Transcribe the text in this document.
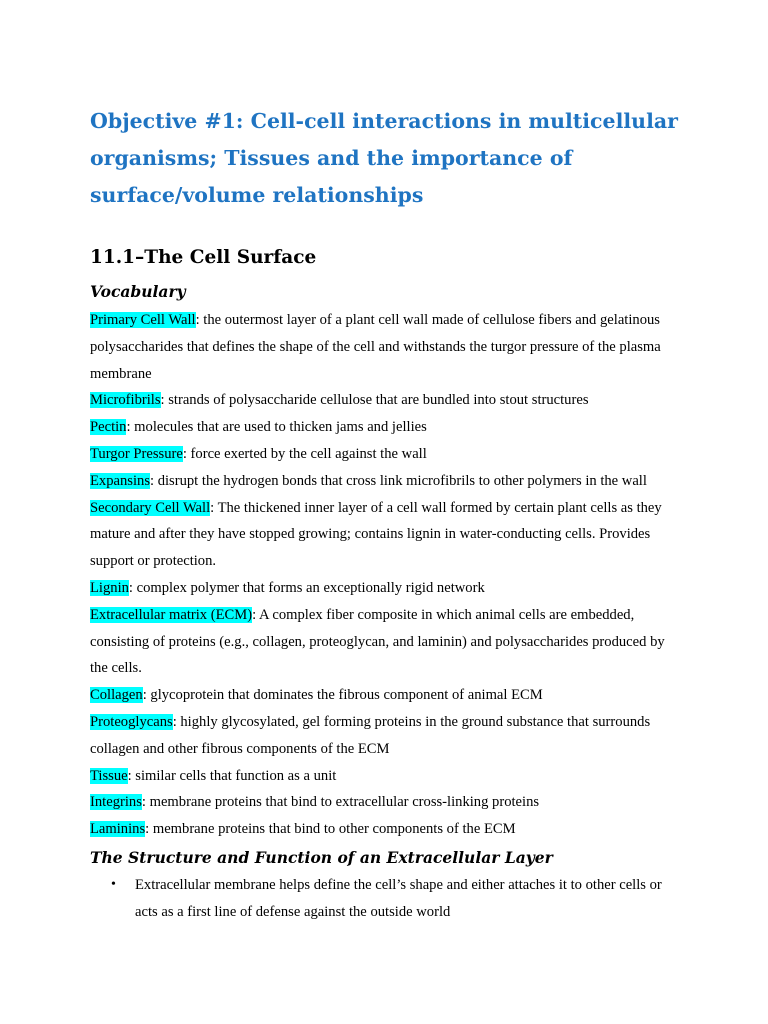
Objective #1: Cell-cell interactions in multicellular organisms; Tissues and the importance of surface/volume relationships
11.1–The Cell Surface
Vocabulary
Primary Cell Wall: the outermost layer of a plant cell wall made of cellulose fibers and gelatinous polysaccharides that defines the shape of the cell and withstands the turgor pressure of the plasma membrane
Microfibrils: strands of polysaccharide cellulose that are bundled into stout structures
Pectin: molecules that are used to thicken jams and jellies
Turgor Pressure: force exerted by the cell against the wall
Expansins: disrupt the hydrogen bonds that cross link microfibrils to other polymers in the wall
Secondary Cell Wall: The thickened inner layer of a cell wall formed by certain plant cells as they mature and after they have stopped growing; contains lignin in water-conducting cells. Provides support or protection.
Lignin: complex polymer that forms an exceptionally rigid network
Extracellular matrix (ECM): A complex fiber composite in which animal cells are embedded, consisting of proteins (e.g., collagen, proteoglycan, and laminin) and polysaccharides produced by the cells.
Collagen: glycoprotein that dominates the fibrous component of animal ECM
Proteoglycans: highly glycosylated, gel forming proteins in the ground substance that surrounds collagen and other fibrous components of the ECM
Tissue: similar cells that function as a unit
Integrins: membrane proteins that bind to extracellular cross-linking proteins
Laminins: membrane proteins that bind to other components of the ECM
The Structure and Function of an Extracellular Layer
• Extracellular membrane helps define the cell’s shape and either attaches it to other cells or acts as a first line of defense against the outside world
